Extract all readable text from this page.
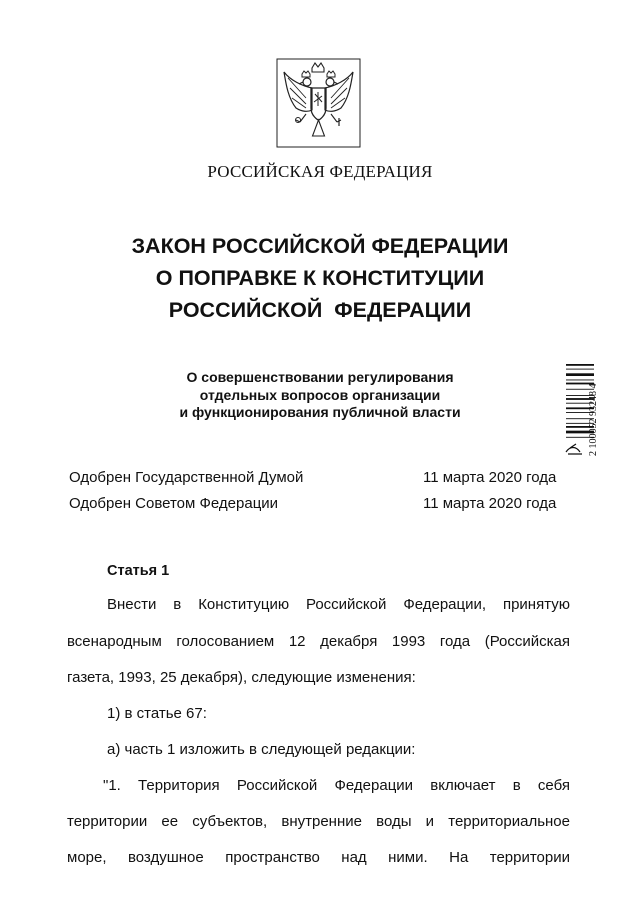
РОССИЙСКАЯ ФЕДЕРАЦИЯ
ЗАКОН РОССИЙСКОЙ ФЕДЕРАЦИИ
О ПОПРАВКЕ К КОНСТИТУЦИИ
РОССИЙСКОЙ  ФЕДЕРАЦИИ
О совершенствовании регулирования
отдельных вопросов организации
и функционирования публичной власти	2 100052 93248 4
Одобрен Государственной Думой	11 марта 2020 года
Одобрен Советом Федерации	11 марта 2020 года
Статья 1
Внести в Конституцию Российской Федерации, принятую
всенародным голосованием 12 декабря 1993 года (Российская
газета, 1993, 25 декабря), следующие изменения:
1) в статье 67:
а) часть 1 изложить в следующей редакции:
"1. Территория Российской Федерации включает в себя
территории ее субъектов, внутренние воды и территориальное
море, воздушное пространство над ними. На территории
